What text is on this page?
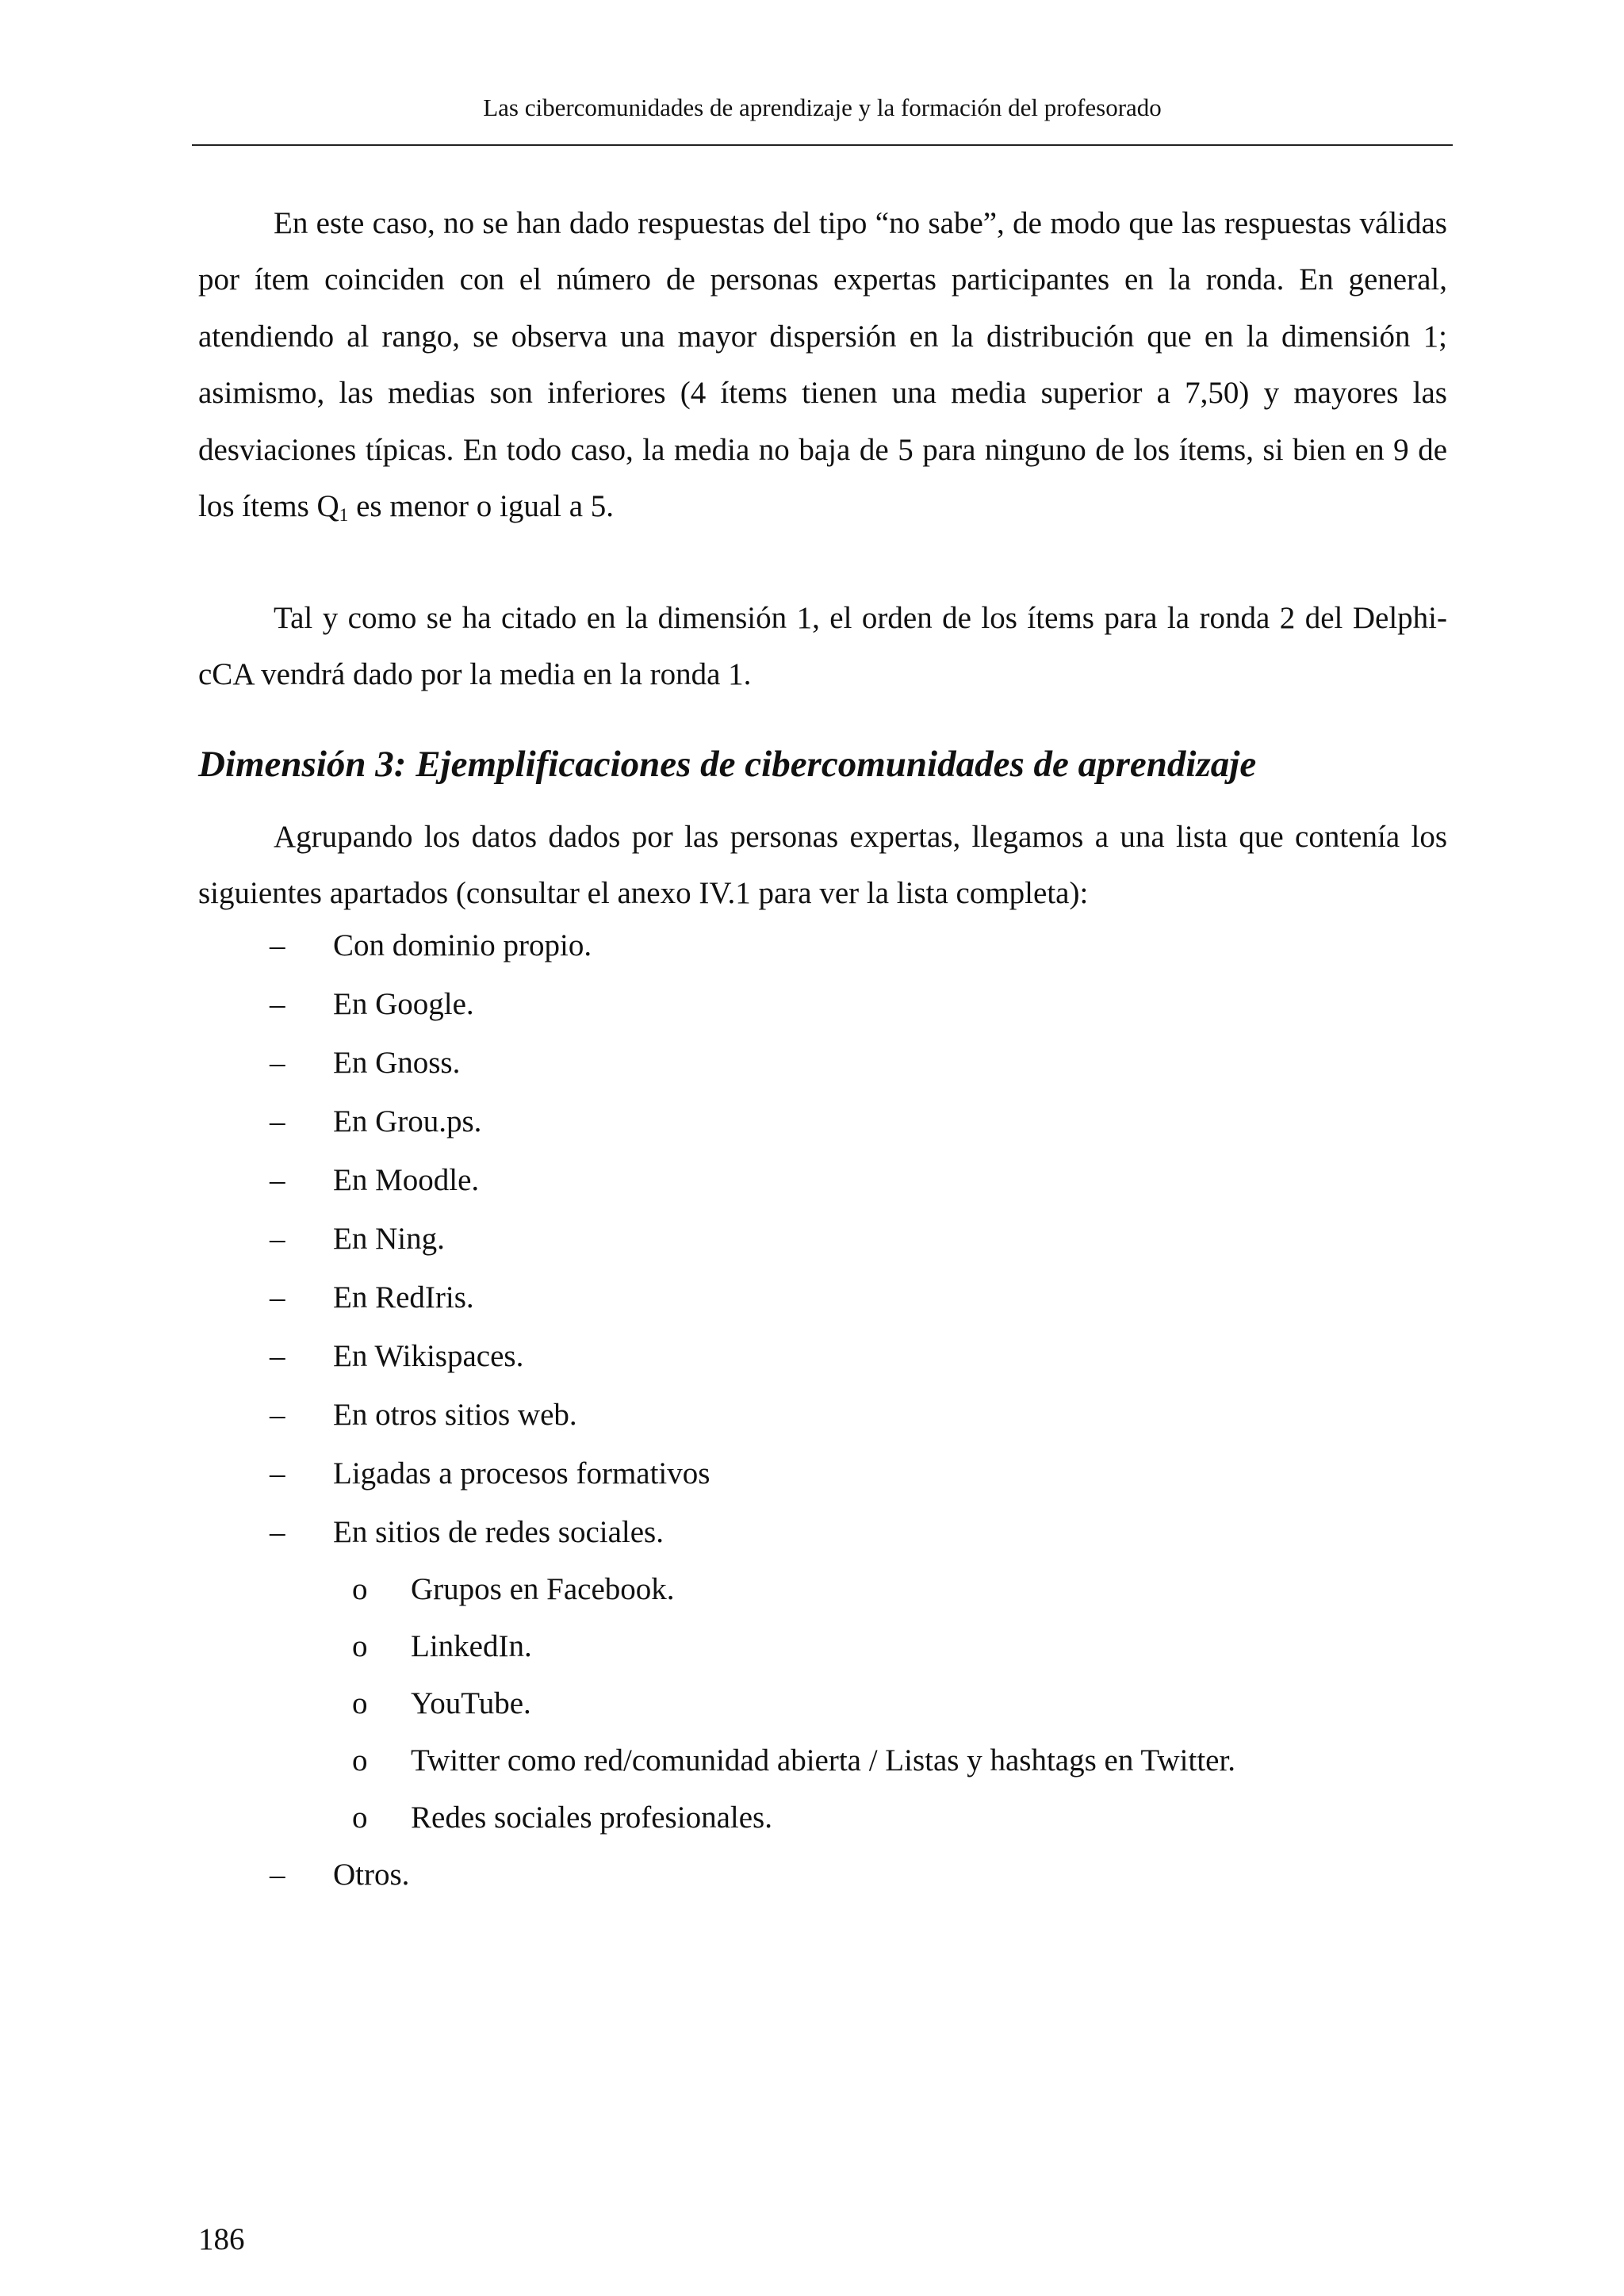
Las cibercomunidades de aprendizaje y la formación del profesorado

En este caso, no se han dado respuestas del tipo “no sabe”, de modo que las respuestas válidas por ítem coinciden con el número de personas expertas participantes en la ronda. En general, atendiendo al rango, se observa una mayor dispersión en la distribución que en la dimensión 1; asimismo, las medias son inferiores (4 ítems tienen una media superior a 7,50) y mayores las desviaciones típicas. En todo caso, la media no baja de 5 para ninguno de los ítems, si bien en 9 de los ítems $Q_1$ es menor o igual a 5.

Tal y como se ha citado en la dimensión 1, el orden de los ítems para la ronda 2 del Delphi-cCA vendrá dado por la media en la ronda 1.

Dimensión 3: Ejemplificaciones de cibercomunidades de aprendizaje

Agrupando los datos dados por las personas expertas, llegamos a una lista que contenía los siguientes apartados (consultar el anexo IV.1 para ver la lista completa):

– Con dominio propio.
– En Google.
– En Gnoss.
– En Grou.ps.
– En Moodle.
– En Ning.
– En RedIris.
– En Wikispaces.
– En otros sitios web.
– Ligadas a procesos formativos
– En sitios de redes sociales.
o Grupos en Facebook.
o LinkedIn.
o YouTube.
o Twitter como red/comunidad abierta / Listas y hashtags en Twitter.
o Redes sociales profesionales.
– Otros.
186
